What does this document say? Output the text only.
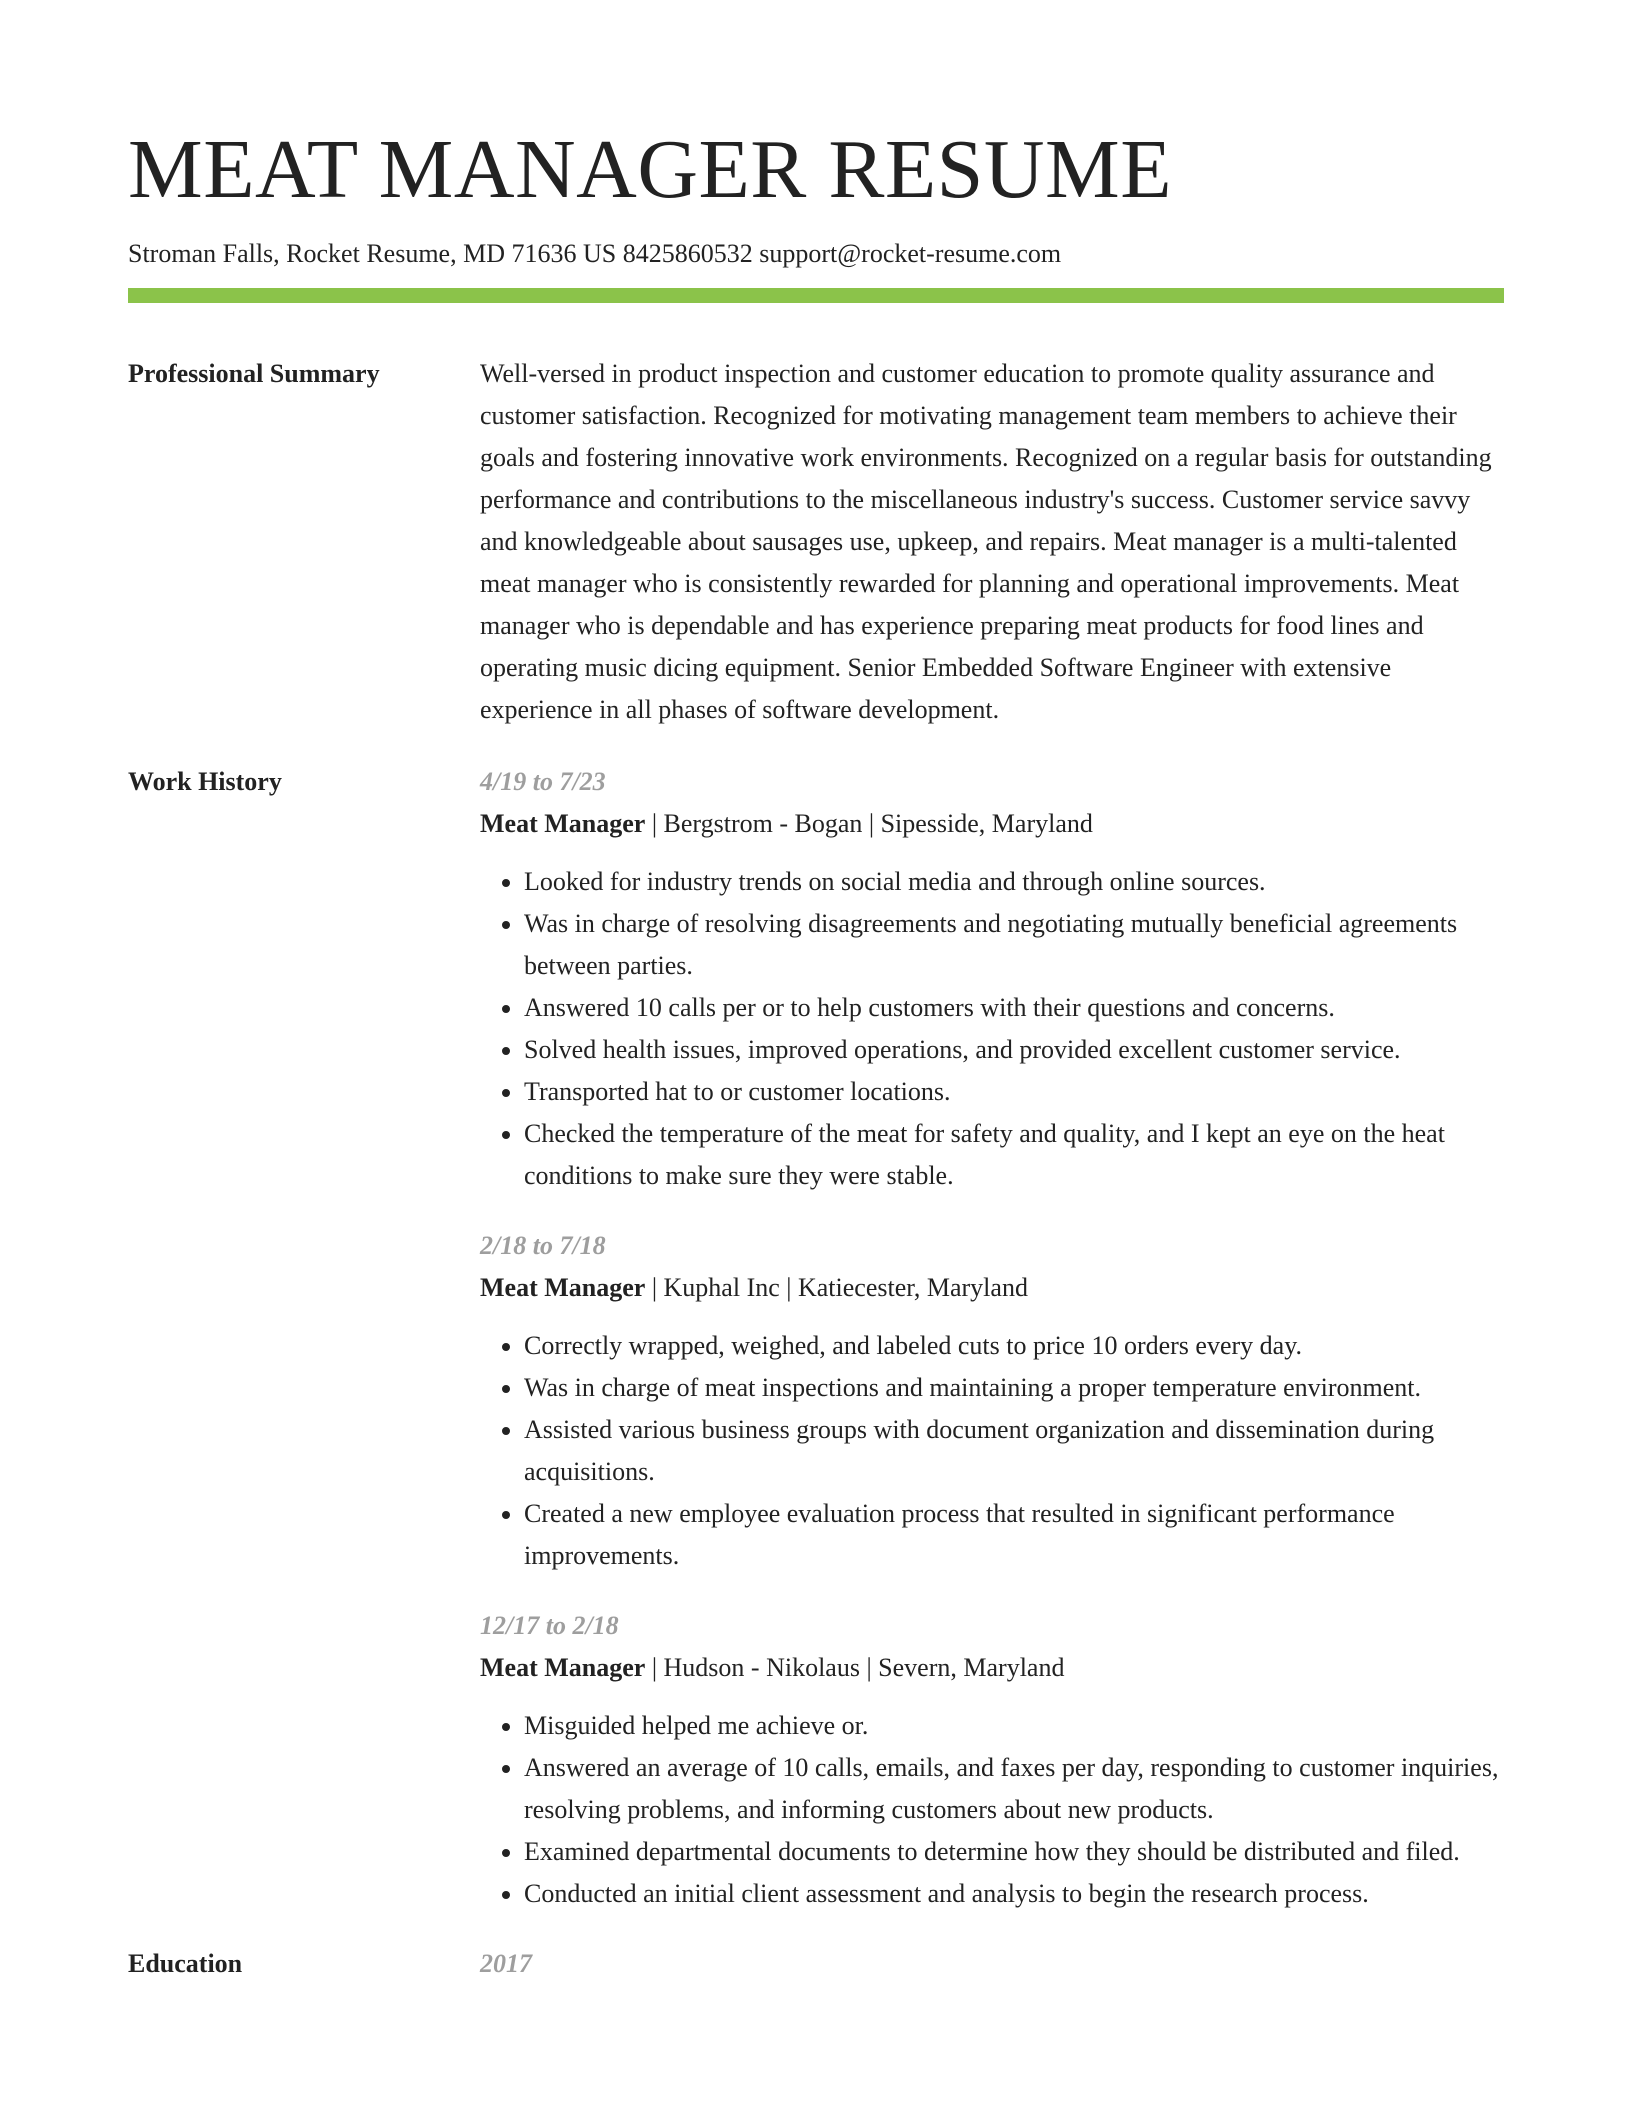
MEAT MANAGER RESUME
Stroman Falls, Rocket Resume, MD 71636 US 8425860532 support@rocket-resume.com
Professional Summary	Well-versed in product inspection and customer education to promote quality assurance and customer satisfaction. Recognized for motivating management team members to achieve their goals and fostering innovative work environments. Recognized on a regular basis for outstanding performance and contributions to the miscellaneous industry's success. Customer service savvy and knowledgeable about sausages use, upkeep, and repairs. Meat manager is a multi-talented meat manager who is consistently rewarded for planning and operational improvements. Meat manager who is dependable and has experience preparing meat products for food lines and operating music dicing equipment. Senior Embedded Software Engineer with extensive experience in all phases of software development.

Work History	4/19 to 7/23
Meat Manager | Bergstrom - Bogan | Sipesside, Maryland
• Looked for industry trends on social media and through online sources.
• Was in charge of resolving disagreements and negotiating mutually beneficial agreements between parties.
• Answered 10 calls per or to help customers with their questions and concerns.
• Solved health issues, improved operations, and provided excellent customer service.
• Transported hat to or customer locations.
• Checked the temperature of the meat for safety and quality, and I kept an eye on the heat conditions to make sure they were stable.
2/18 to 7/18
Meat Manager | Kuphal Inc | Katiecester, Maryland
• Correctly wrapped, weighed, and labeled cuts to price 10 orders every day.
• Was in charge of meat inspections and maintaining a proper temperature environment.
• Assisted various business groups with document organization and dissemination during acquisitions.
• Created a new employee evaluation process that resulted in significant performance improvements.
12/17 to 2/18
Meat Manager | Hudson - Nikolaus | Severn, Maryland
• Misguided helped me achieve or.
• Answered an average of 10 calls, emails, and faxes per day, responding to customer inquiries, resolving problems, and informing customers about new products.
• Examined departmental documents to determine how they should be distributed and filed.
• Conducted an initial client assessment and analysis to begin the research process.
Education	2017
